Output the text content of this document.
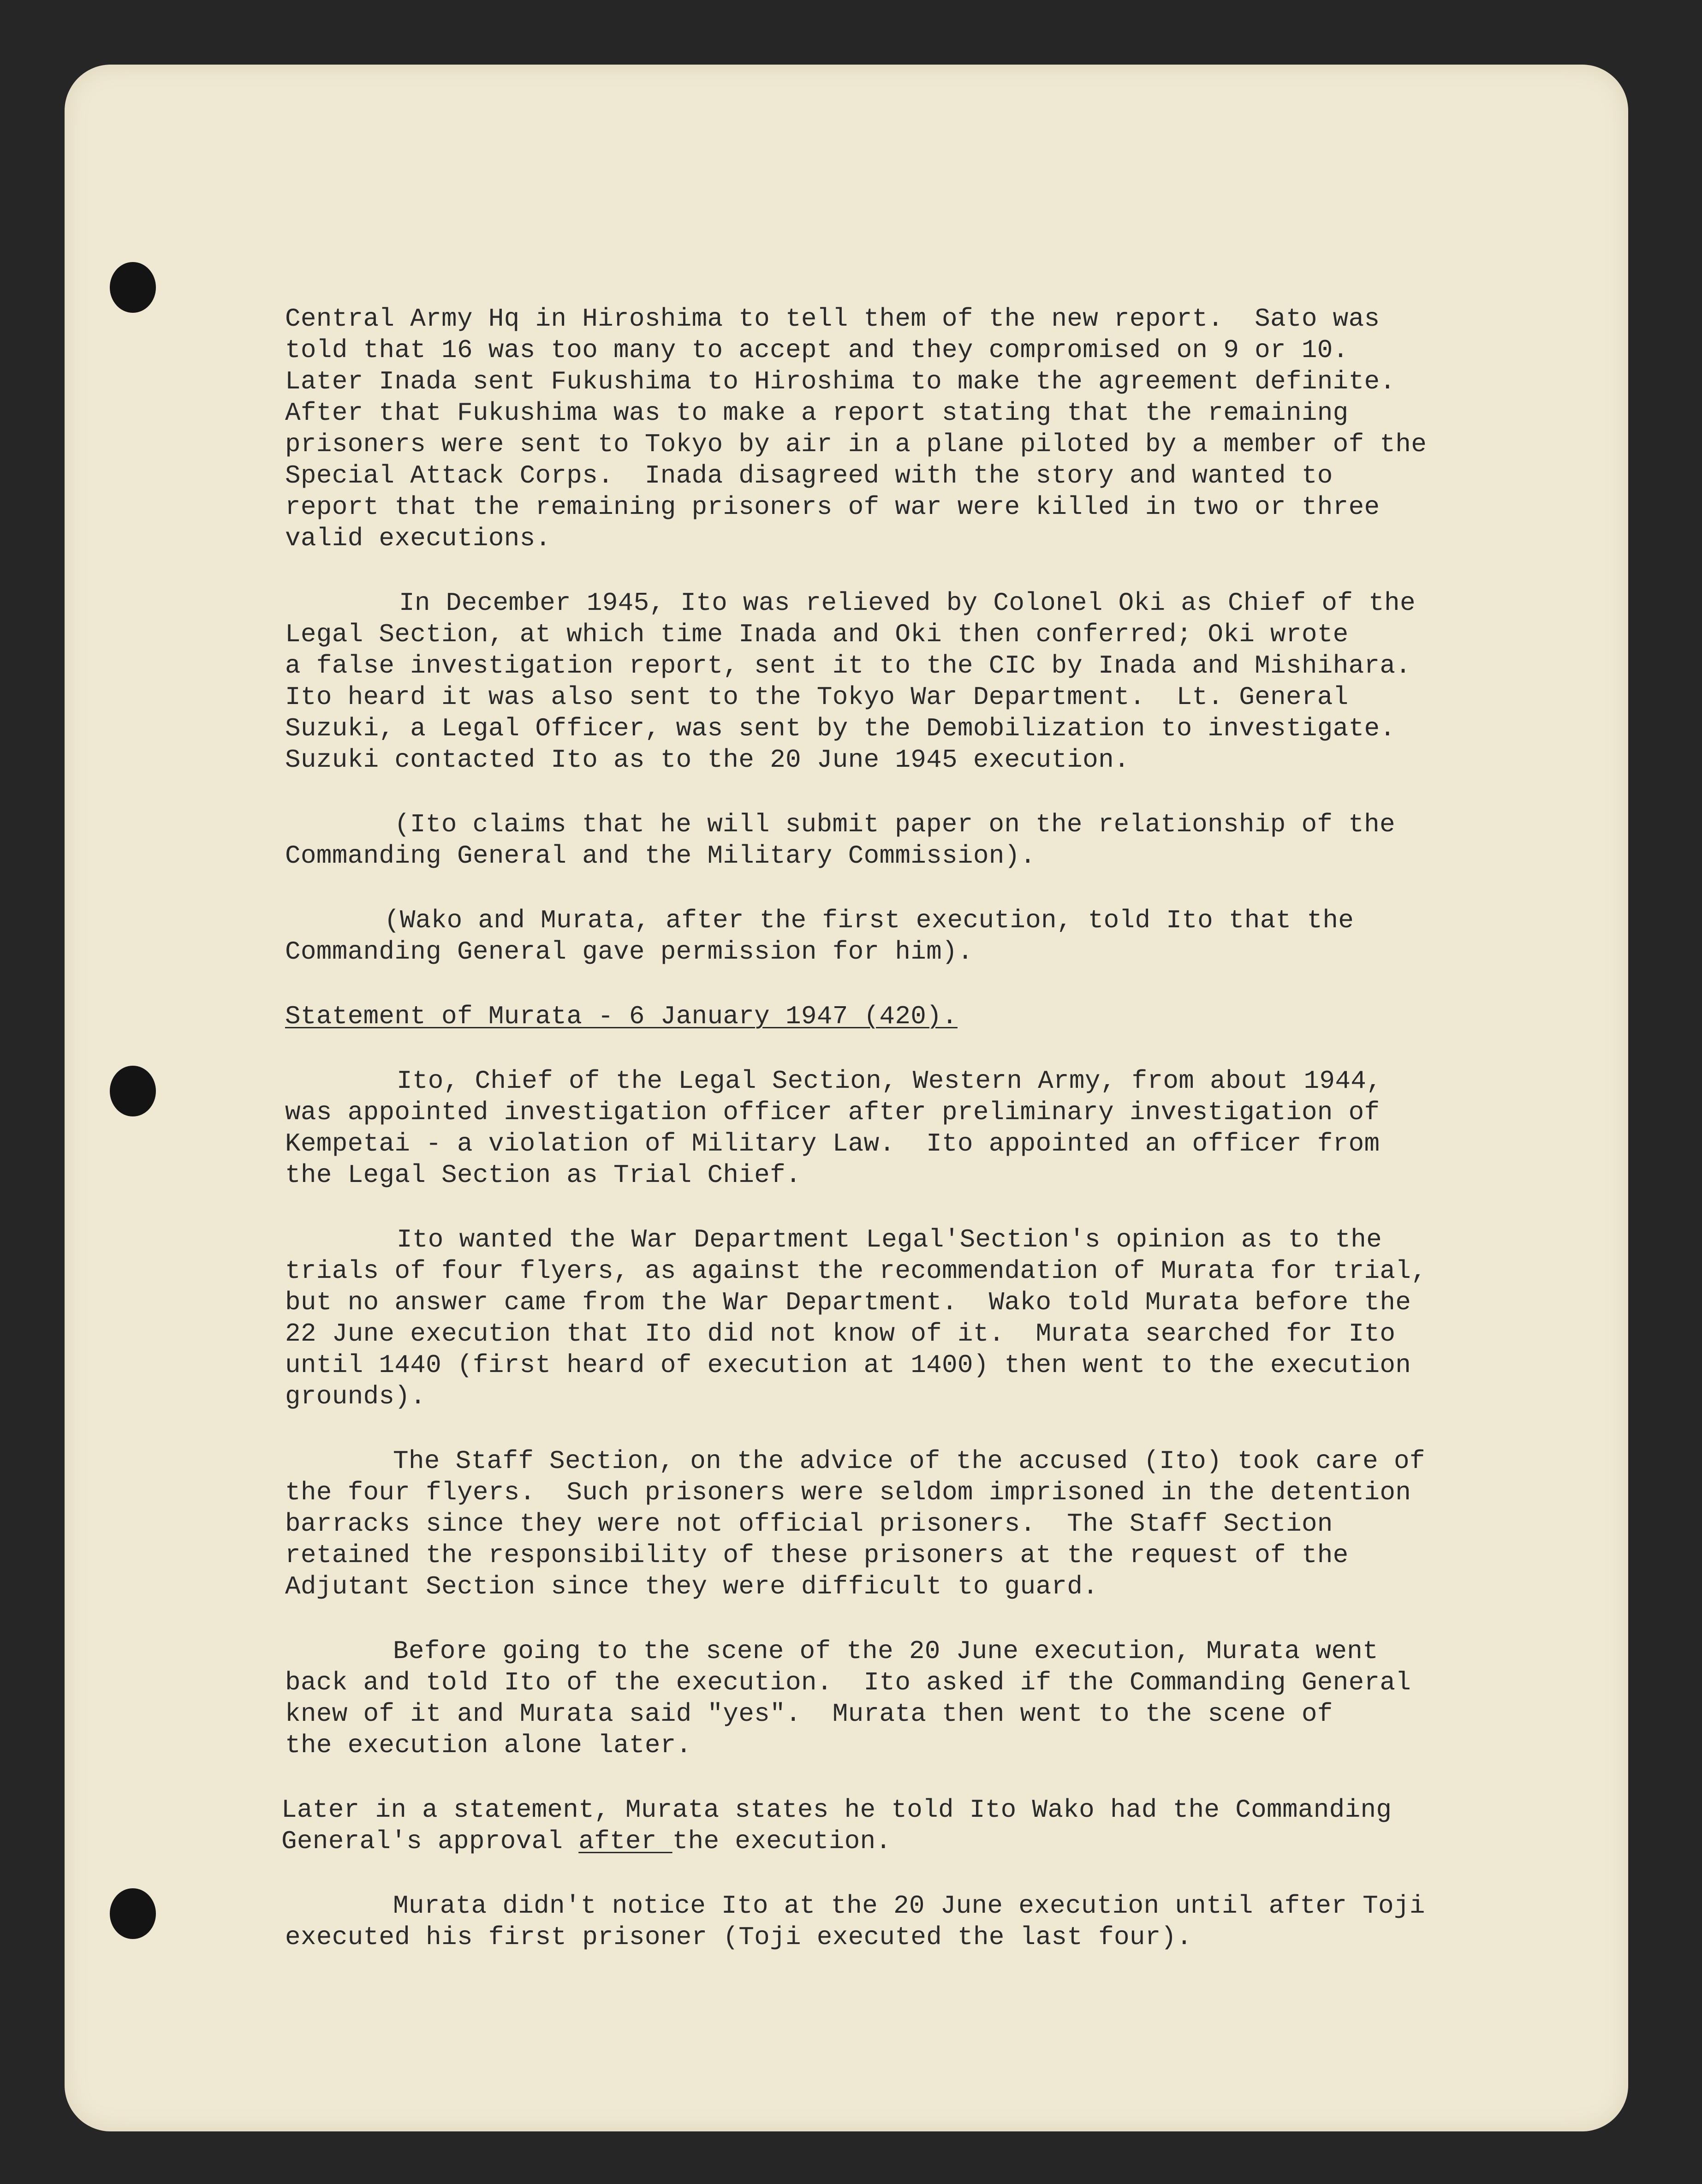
Central Army Hq in Hiroshima to tell them of the new report.  Sato was
told that 16 was too many to accept and they compromised on 9 or 10.
Later Inada sent Fukushima to Hiroshima to make the agreement definite.
After that Fukushima was to make a report stating that the remaining
prisoners were sent to Tokyo by air in a plane piloted by a member of the
Special Attack Corps.  Inada disagreed with the story and wanted to
report that the remaining prisoners of war were killed in two or three
valid executions.
In December 1945, Ito was relieved by Colonel Oki as Chief of the
Legal Section, at which time Inada and Oki then conferred; Oki wrote
a false investigation report, sent it to the CIC by Inada and Mishihara.
Ito heard it was also sent to the Tokyo War Department.  Lt. General
Suzuki, a Legal Officer, was sent by the Demobilization to investigate.
Suzuki contacted Ito as to the 20 June 1945 execution.
(Ito claims that he will submit paper on the relationship of the
Commanding General and the Military Commission).
(Wako and Murata, after the first execution, told Ito that the
Commanding General gave permission for him).
Statement of Murata - 6 January 1947 (420).
Ito, Chief of the Legal Section, Western Army, from about 1944,
was appointed investigation officer after preliminary investigation of
Kempetai - a violation of Military Law.  Ito appointed an officer from
the Legal Section as Trial Chief.
Ito wanted the War Department Legal'Section's opinion as to the
trials of four flyers, as against the recommendation of Murata for trial,
but no answer came from the War Department.  Wako told Murata before the
22 June execution that Ito did not know of it.  Murata searched for Ito
until 1440 (first heard of execution at 1400) then went to the execution
grounds).
The Staff Section, on the advice of the accused (Ito) took care of
the four flyers.  Such prisoners were seldom imprisoned in the detention
barracks since they were not official prisoners.  The Staff Section
retained the responsibility of these prisoners at the request of the
Adjutant Section since they were difficult to guard.
Before going to the scene of the 20 June execution, Murata went
back and told Ito of the execution.  Ito asked if the Commanding General
knew of it and Murata said "yes".  Murata then went to the scene of
the execution alone later.
Later in a statement, Murata states he told Ito Wako had the Commanding
General's approval after the execution.
Murata didn't notice Ito at the 20 June execution until after Toji
executed his first prisoner (Toji executed the last four).
